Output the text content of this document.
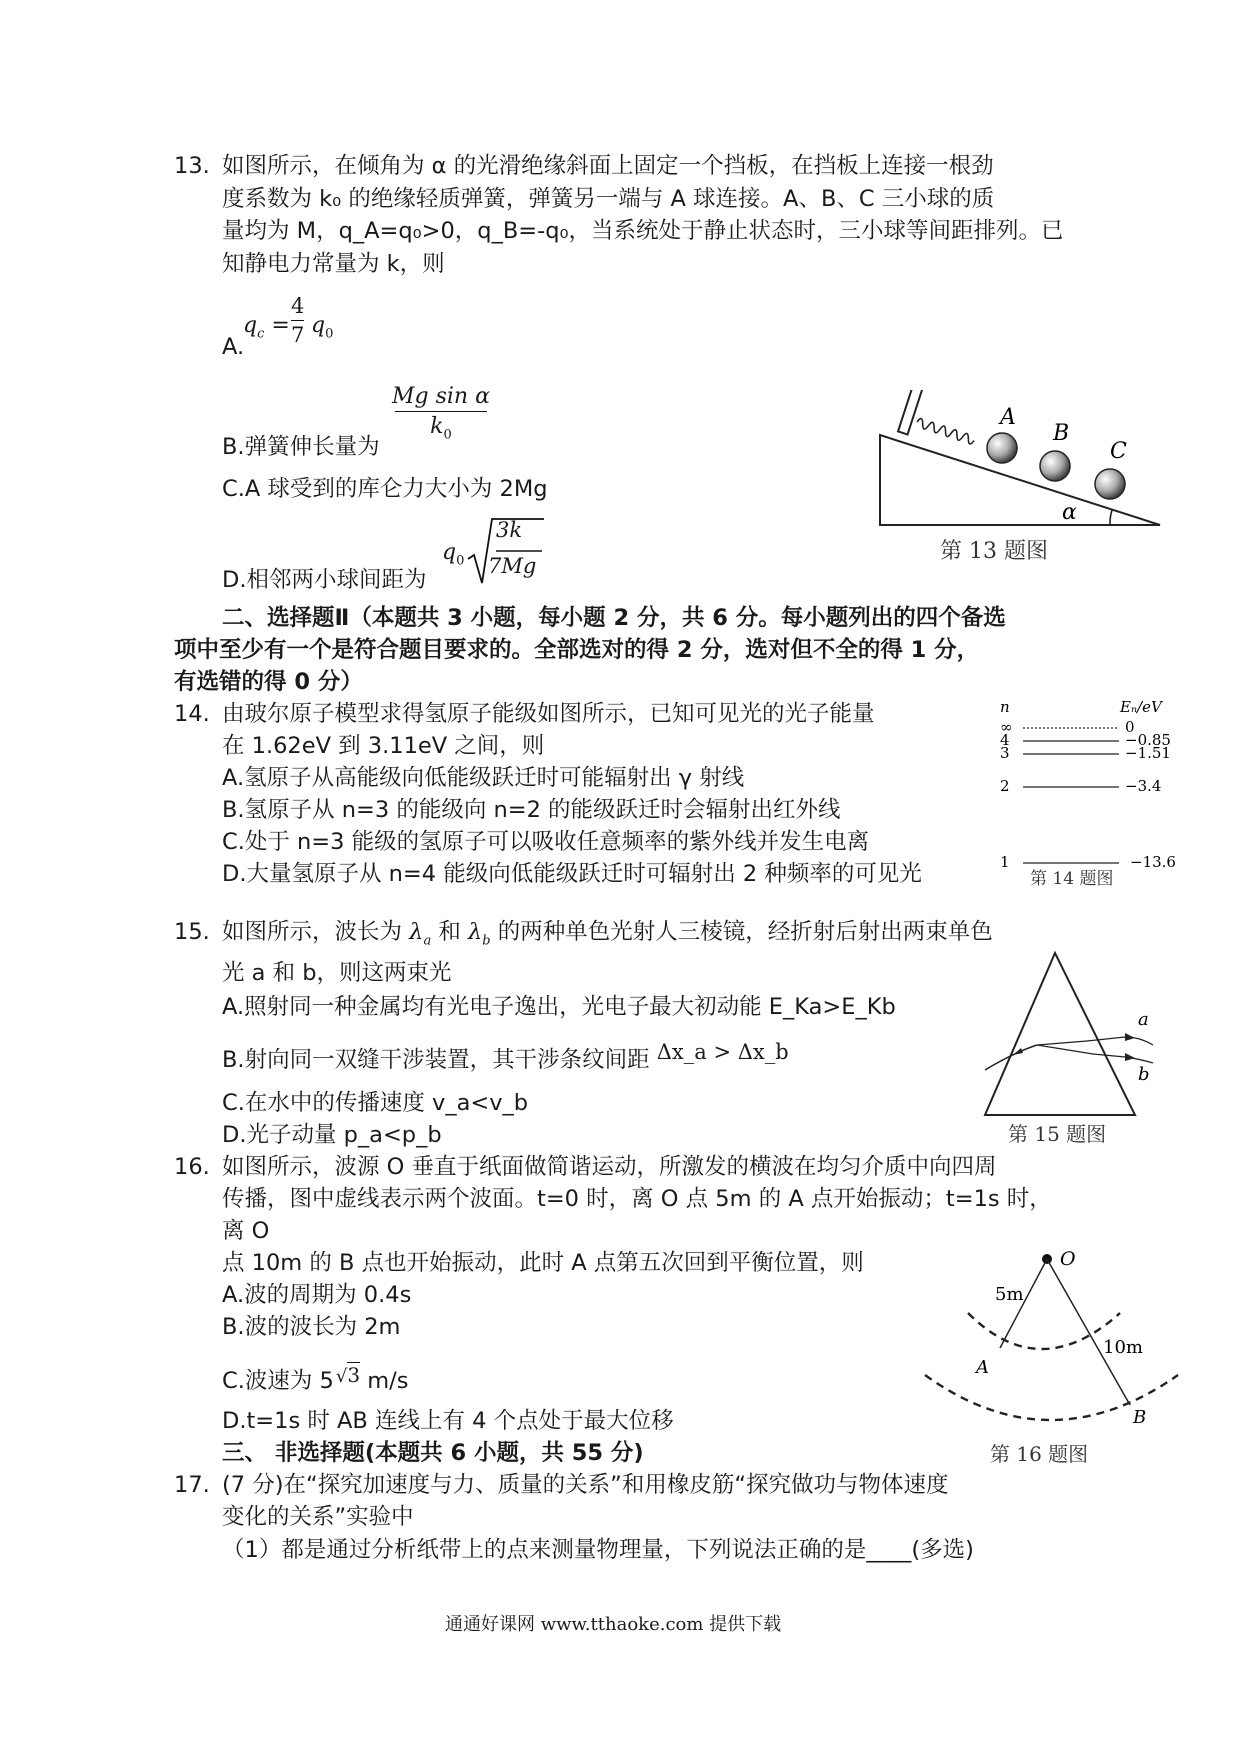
13. 如图所示，在倾角为 α 的光滑绝缘斜面上固定一个挡板，在挡板上连接一根劲
度系数为 k₀ 的绝缘轻质弹簧，弹簧另一端与 A 球连接。A、B、C 三小球的质
量均为 M，q_A=q₀>0，q_B=-q₀，当系统处于静止状态时，三小球等间距排列。已
知静电力常量为 k，则
A.
$q_c$ =
4
7 $q_0$
B.弹簧伸长量为
Mg sin α
$k_0$
C.A 球受到的库仑力大小为 2Mg
D.相邻两小球间距为
$q_0$
3k
7Mg
A
B
C
α
第 13 题图
二、选择题Ⅱ（本题共 3 小题，每小题 2 分，共 6 分。每小题列出的四个备选
项中至少有一个是符合题目要求的。全部选对的得 2 分，选对但不全的得 1 分，
有选错的得 0 分）
14. 由玻尔原子模型求得氢原子能级如图所示，已知可见光的光子能量
在 1.62eV 到 3.11eV 之间，则
A.氢原子从高能级向低能级跃迁时可能辐射出 γ 射线
B.氢原子从 n=3 的能级向 n=2 的能级跃迁时会辐射出红外线
C.处于 n=3 能级的氢原子可以吸收任意频率的紫外线并发生电离
D.大量氢原子从 n=4 能级向低能级跃迁时可辐射出 2 种频率的可见光
n	Eₙ/eV
∞	0
4	−0.85
3	−1.51
2	−3.4
1	−13.6
第 14 题图
15. 如图所示，波长为 $\lambda_a$ 和 $\lambda_b$ 的两种单色光射人三棱镜，经折射后射出两束单色
光 a 和 b，则这两束光
A.照射同一种金属均有光电子逸出，光电子最大初动能 E_Ka>E_Kb
B.射向同一双缝干涉装置，其干涉条纹间距 Δx_a > Δx_b
C.在水中的传播速度 v_a<v_b
D.光子动量 p_a<p_b
a
b
第 15 题图
16. 如图所示，波源 O 垂直于纸面做简谐运动，所激发的横波在均匀介质中向四周
传播，图中虚线表示两个波面。t=0 时，离 O 点 5m 的 A 点开始振动；t=1s 时，
离 O
点 10m 的 B 点也开始振动，此时 A 点第五次回到平衡位置，则
A.波的周期为 0.4s
B.波的波长为 2m
C.波速为 5 √3 m/s
D.t=1s 时 AB 连线上有 4 个点处于最大位移
O
5m
10m
A
B
第 16 题图
三、 非选择题(本题共 6 小题，共 55 分)
17. (7 分)在“探究加速度与力、质量的关系”和用橡皮筋“探究做功与物体速度
变化的关系”实验中
（1）都是通过分析纸带上的点来测量物理量，下列说法正确的是____(多选)
通通好课网 www.tthaoke.com 提供下载
